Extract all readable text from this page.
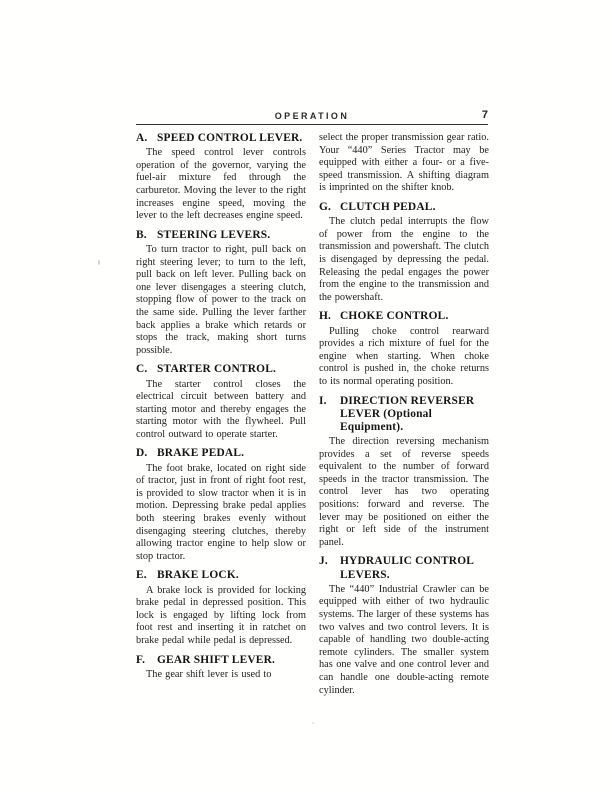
OPERATION	7
A. SPEED CONTROL LEVER.

The speed control lever controls operation of the governor, varying the fuel-air mixture fed through the carburetor. Moving the lever to the right increases engine speed, moving the lever to the left decreases engine speed.

B. STEERING LEVERS.

To turn tractor to right, pull back on right steering lever; to turn to the left, pull back on left lever. Pulling back on one lever disengages a steering clutch, stopping flow of power to the track on the same side. Pulling the lever farther back applies a brake which retards or stops the track, making short turns possible.

C. STARTER CONTROL.

The starter control closes the electrical circuit between battery and starting motor and thereby engages the starting motor with the flywheel. Pull control outward to operate starter.

D. BRAKE PEDAL.

The foot brake, located on right side of tractor, just in front of right foot rest, is provided to slow tractor when it is in motion. Depressing brake pedal applies both steering brakes evenly without disengaging steering clutches, thereby allowing tractor engine to help slow or stop tractor.

E. BRAKE LOCK.

A brake lock is provided for locking brake pedal in depressed position. This lock is engaged by lifting lock from foot rest and inserting it in ratchet on brake pedal while pedal is depressed.

F. GEAR SHIFT LEVER.

The gear shift lever is used to

select the proper transmission gear ratio. Your “440” Series Tractor may be equipped with either a four- or a five-speed transmission. A shifting diagram is imprinted on the shifter knob.

G. CLUTCH PEDAL.

The clutch pedal interrupts the flow of power from the engine to the transmission and powershaft. The clutch is disengaged by depressing the pedal. Releasing the pedal engages the power from the engine to the transmission and the powershaft.

H. CHOKE CONTROL.

Pulling choke control rearward provides a rich mixture of fuel for the engine when starting. When choke control is pushed in, the choke returns to its normal operating position.

I. DIRECTION REVERSER LEVER (Optional Equipment).

The direction reversing mechanism provides a set of reverse speeds equivalent to the number of forward speeds in the tractor transmission. The control lever has two operating positions: forward and reverse. The lever may be positioned on either the right or left side of the instrument panel.

J. HYDRAULIC CONTROL LEVERS.

The “440” Industrial Crawler can be equipped with either of two hydraulic systems. The larger of these systems has two valves and two control levers. It is capable of handling two double-acting remote cylinders. The smaller system has one valve and one control lever and can handle one double-acting remote cylinder.
